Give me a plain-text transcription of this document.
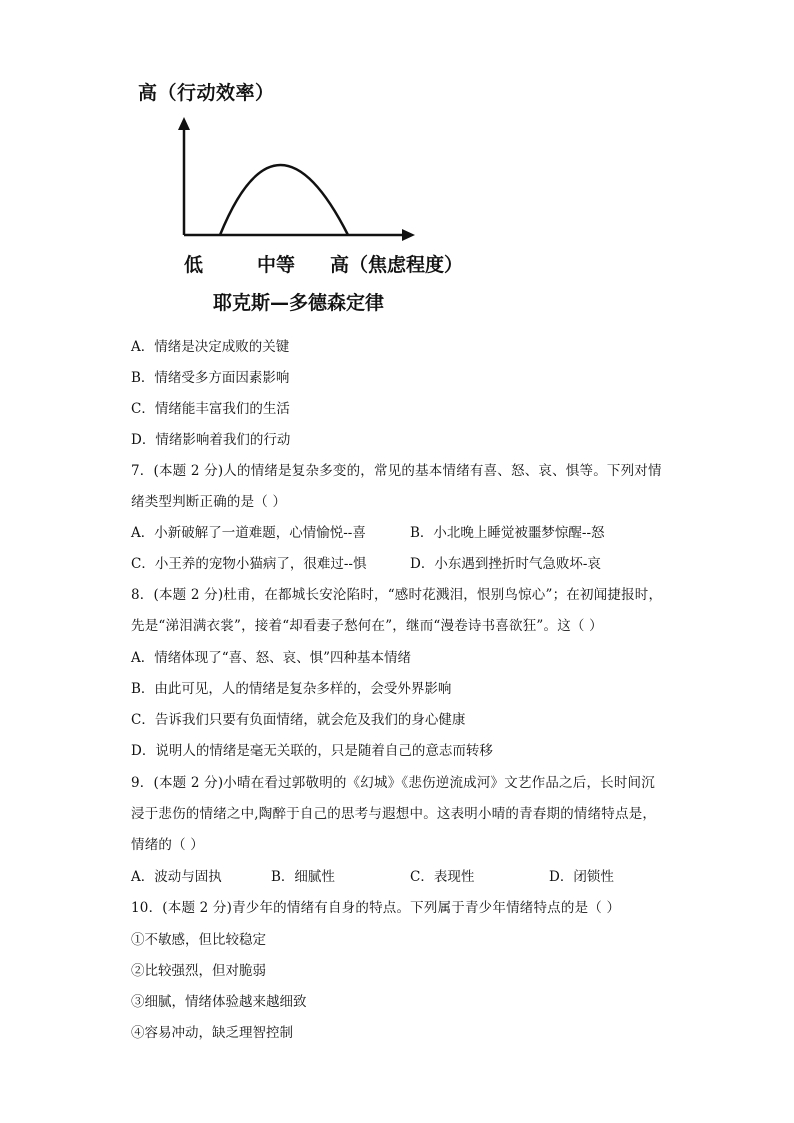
高（行动效率）
低	中等 高（焦虑程度）
耶克斯—多德森定律
A．情绪是决定成败的关键
B．情绪受多方面因素影响
C．情绪能丰富我们的生活
D．情绪影响着我们的行动
7．(本题 2 分)人的情绪是复杂多变的，常见的基本情绪有喜、怒、哀、惧等。下列对情
绪类型判断正确的是（ ）
A．小新破解了一道难题，心情愉悦--喜	B．小北晚上睡觉被噩梦惊醒--怒
C．小王养的宠物小猫病了，很难过--惧	D．小东遇到挫折时气急败坏-哀
8．(本题 2 分)杜甫，在都城长安沦陷时，“感时花溅泪，恨别鸟惊心”；在初闻捷报时，
先是“涕泪满衣裳”，接着“却看妻子愁何在”，继而“漫卷诗书喜欲狂”。这（ ）
A．情绪体现了“喜、怒、哀、惧”四种基本情绪
B．由此可见，人的情绪是复杂多样的，会受外界影响
C．告诉我们只要有负面情绪，就会危及我们的身心健康
D．说明人的情绪是毫无关联的，只是随着自己的意志而转移
9．(本题 2 分)小晴在看过郭敬明的《幻城》《悲伤逆流成河》文艺作品之后，长时间沉
浸于悲伤的情绪之中,陶醉于自己的思考与遐想中。这表明小晴的青春期的情绪特点是，
情绪的（ ）
A．波动与固执	B．细腻性	C．表现性	D．闭锁性
10．(本题 2 分)青少年的情绪有自身的特点。下列属于青少年情绪特点的是（ ）
①不敏感，但比较稳定
②比较强烈，但对脆弱
③细腻，情绪体验越来越细致
④容易冲动，缺乏理智控制
